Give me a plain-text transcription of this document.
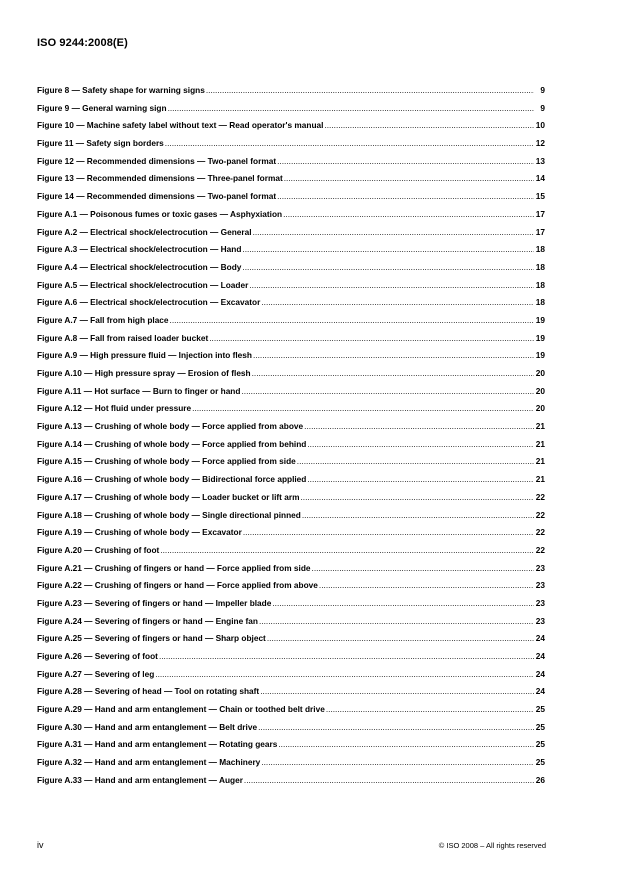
ISO 9244:2008(E)
Figure 8 — Safety shape for warning signs .....	9
Figure 9 — General warning sign .....	9
Figure 10 — Machine safety label without text — Read operator's manual .....	10
Figure 11 — Safety sign borders .....	12
Figure 12 — Recommended dimensions — Two-panel format .....	13
Figure 13 — Recommended dimensions — Three-panel format .....	14
Figure 14 — Recommended dimensions — Two-panel format .....	15
Figure A.1 — Poisonous fumes or toxic gases — Asphyxiation .....	17
Figure A.2 — Electrical shock/electrocution — General .....	17
Figure A.3 — Electrical shock/electrocution — Hand .....	18
Figure A.4 — Electrical shock/electrocution — Body .....	18
Figure A.5 — Electrical shock/electrocution — Loader .....	18
Figure A.6 — Electrical shock/electrocution — Excavator .....	18
Figure A.7 — Fall from high place .....	19
Figure A.8 — Fall from raised loader bucket .....	19
Figure A.9 — High pressure fluid — Injection into flesh .....	19
Figure A.10 — High pressure spray — Erosion of flesh .....	20
Figure A.11 — Hot surface — Burn to finger or hand .....	20
Figure A.12 — Hot fluid under pressure .....	20
Figure A.13 — Crushing of whole body — Force applied from above .....	21
Figure A.14 — Crushing of whole body — Force applied from behind .....	21
Figure A.15 — Crushing of whole body — Force applied from side .....	21
Figure A.16 — Crushing of whole body — Bidirectional force applied .....	21
Figure A.17 — Crushing of whole body — Loader bucket or lift arm .....	22
Figure A.18 — Crushing of whole body — Single directional pinned .....	22
Figure A.19 — Crushing of whole body — Excavator .....	22
Figure A.20 — Crushing of foot .....	22
Figure A.21 — Crushing of fingers or hand — Force applied from side .....	23
Figure A.22 — Crushing of fingers or hand — Force applied from above .....	23
Figure A.23 — Severing of fingers or hand — Impeller blade .....	23
Figure A.24 — Severing of fingers or hand — Engine fan .....	23
Figure A.25 — Severing of fingers or hand — Sharp object .....	24
Figure A.26 — Severing of foot .....	24
Figure A.27 — Severing of leg .....	24
Figure A.28 — Severing of head — Tool on rotating shaft .....	24
Figure A.29 — Hand and arm entanglement — Chain or toothed belt drive .....	25
Figure A.30 — Hand and arm entanglement — Belt drive .....	25
Figure A.31 — Hand and arm entanglement — Rotating gears .....	25
Figure A.32 — Hand and arm entanglement — Machinery .....	25
Figure A.33 — Hand and arm entanglement — Auger .....	26
iv	© ISO 2008 – All rights reserved
